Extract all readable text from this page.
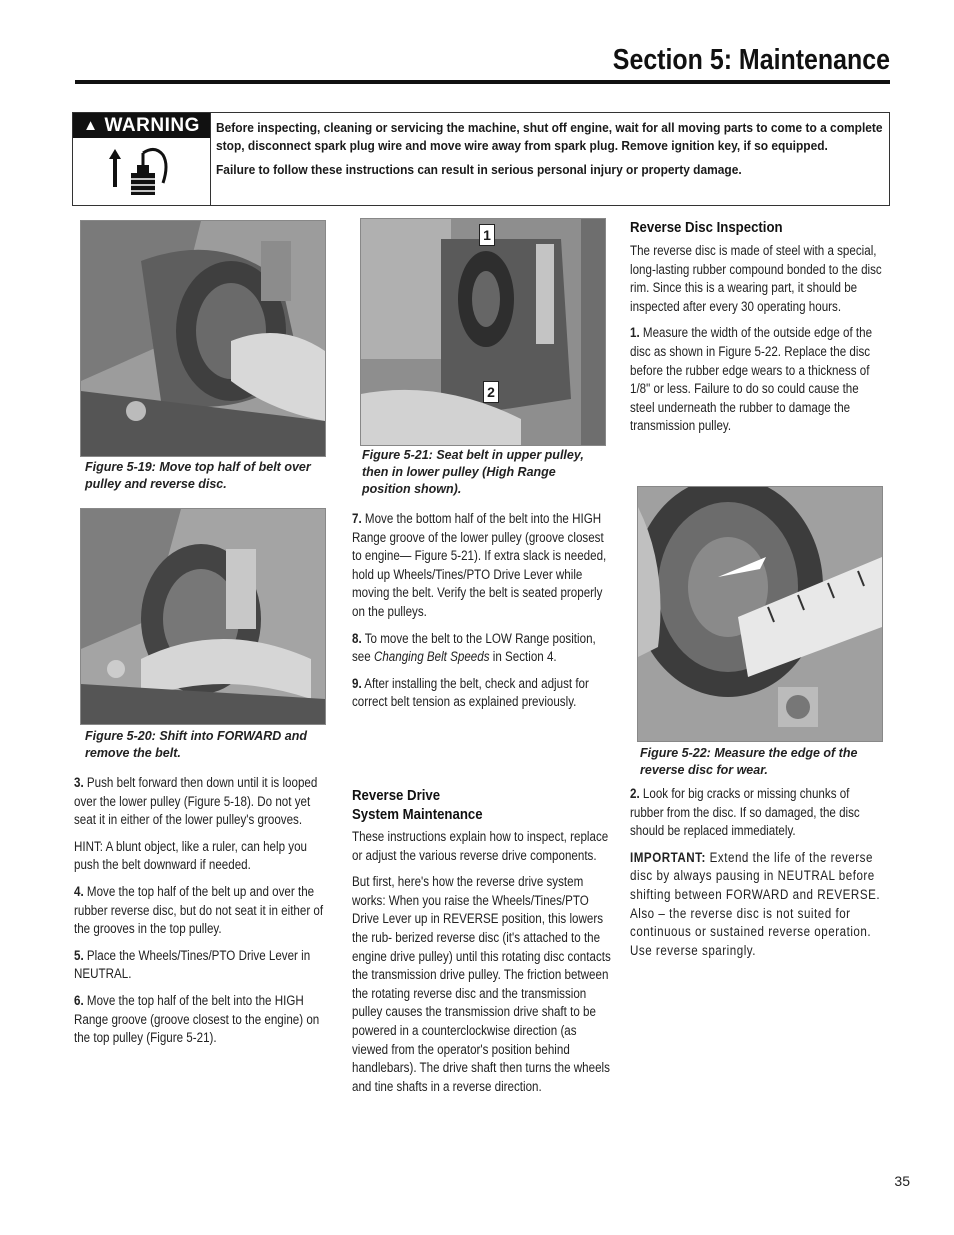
Section 5: Maintenance
▲ WARNING Before inspecting, cleaning or servicing the machine, shut off engine, wait for all moving parts to come to a complete stop, disconnect spark plug wire and move wire away from spark plug. Remove ignition key, if so equipped.

Failure to follow these instructions can result in serious personal injury or property damage.

Figure 5-19: Move top half of belt over pulley and reverse disc.
Figure 5-20: Shift into FORWARD and remove the belt.

3. Push belt forward then down until it is looped over the lower pulley (Figure 5-18). Do not yet seat it in either of the lower pulley's grooves.

HINT: A blunt object, like a ruler, can help you push the belt downward if needed.

4. Move the top half of the belt up and over the rubber reverse disc, but do not seat it in either of the grooves in the top pulley.

5. Place the Wheels/Tines/PTO Drive Lever in NEUTRAL.

6. Move the top half of the belt into the HIGH Range groove (groove closest to the engine) on the top pulley (Figure 5-21).

1
2
Figure 5-21: Seat belt in upper pulley, then in lower pulley (High Range position shown).

7. Move the bottom half of the belt into the HIGH Range groove of the lower pulley (groove closest to engine— Figure 5-21). If extra slack is needed, hold up Wheels/Tines/PTO Drive Lever while moving the belt. Verify the belt is seated properly on the pulleys.

8. To move the belt to the LOW Range position, see Changing Belt Speeds in Section 4.

9. After installing the belt, check and adjust for correct belt tension as explained previously.

Reverse Drive
System Maintenance

These instructions explain how to inspect, replace or adjust the various reverse drive components.

But first, here's how the reverse drive system works: When you raise the Wheels/Tines/PTO Drive Lever up in REVERSE position, this lowers the rub- berized reverse disc (it's attached to the engine drive pulley) until this rotating disc contacts the transmission drive pulley. The friction between the rotating reverse disc and the transmission pulley causes the transmission drive shaft to be powered in a counterclockwise direction (as viewed from the operator's position behind handlebars). The drive shaft then turns the wheels and tine shafts in a reverse direction.

Reverse Disc Inspection

The reverse disc is made of steel with a special, long-lasting rubber compound bonded to the disc rim. Since this is a wearing part, it should be inspected after every 30 operating hours.

1. Measure the width of the outside edge of the disc as shown in Figure 5-22. Replace the disc before the rubber edge wears to a thickness of 1/8" or less. Failure to do so could cause the steel underneath the rubber to damage the transmission pulley.

Figure 5-22: Measure the edge of the reverse disc for wear.

2. Look for big cracks or missing chunks of rubber from the disc. If so damaged, the disc should be replaced immediately.

IMPORTANT: Extend the life of the reverse disc by always pausing in NEUTRAL before shifting between FORWARD and REVERSE. Also – the reverse disc is not suited for continuous or sustained reverse operation. Use reverse sparingly.

35
